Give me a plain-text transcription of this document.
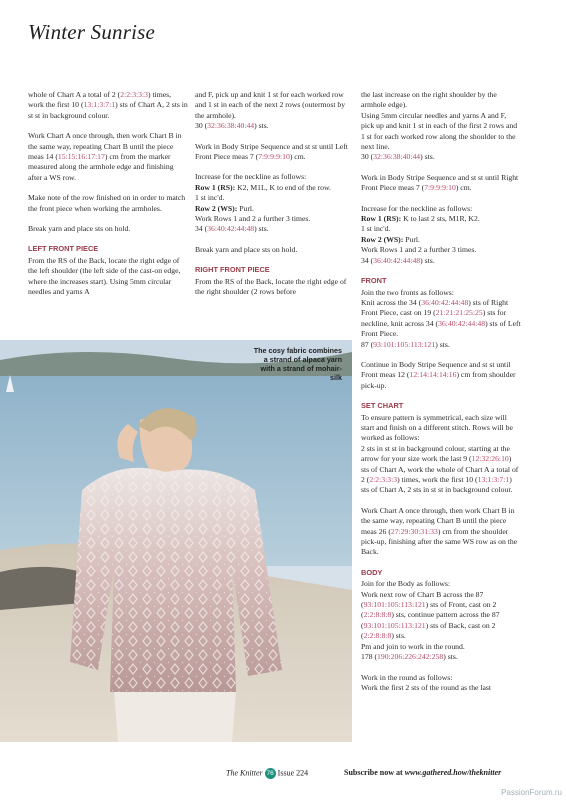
Winter Sunrise

whole of Chart A a total of 2 (2:2:3:3:3) times, work the first 10 (13:1:3:7:1) sts of Chart A, 2 sts in st st in background colour.

Work Chart A once through, then work Chart B in the same way, repeating Chart B until the piece meas 14 (15:15:16:17:17) cm from the marker measured along the armhole edge and finishing after a WS row.

Make note of the row finished on in order to match the front piece when working the armholes.

Break yarn and place sts on hold.

LEFT FRONT PIECE

From the RS of the Back, locate the right edge of the left shoulder (the left side of the cast-on edge, where the increases start). Using 5mm circular needles and yarns A

and F, pick up and knit 1 st for each worked row and 1 st in each of the next 2 rows (outermost by the armhole).
30 (32:36:38:40:44) sts.

Work in Body Stripe Sequence and st st until Left Front Piece meas 7 (7:9:9:9:10) cm.

Increase for the neckline as follows:
Row 1 (RS): K2, M1L, K to end of the row.
1 st inc'd.
Row 2 (WS): Purl.
Work Rows 1 and 2 a further 3 times.
34 (36:40:42:44:48) sts.

Break yarn and place sts on hold.

RIGHT FRONT PIECE

From the RS of the Back, locate the right edge of the right shoulder (2 rows before

the last increase on the right shoulder by the armhole edge).
Using 5mm circular needles and yarns A and F, pick up and knit 1 st in each of the first 2 rows and 1 st for each worked row along the shoulder to the next line.
30 (32:36:38:40:44) sts.

Work in Body Stripe Sequence and st st until Right Front Piece meas 7 (7:9:9:9:10) cm.

Increase for the neckline as follows:
Row 1 (RS): K to last 2 sts, M1R, K2.
1 st inc'd.
Row 2 (WS): Purl.
Work Rows 1 and 2 a further 3 times.
34 (36:40:42:44:48) sts.

FRONT

Join the two fronts as follows:
Knit across the 34 (36:40:42:44:48) sts of Right Front Piece, cast on 19 (21:21:21:25:25) sts for neckline, knit across 34 (36:40:42:44:48) sts of Left Front Piece.
87 (93:101:105:113:121) sts.

Continue in Body Stripe Sequence and st st until Front meas 12 (12:14:14:14:16) cm from shoulder pick-up.

SET CHART

To ensure pattern is symmetrical, each size will start and finish on a different stitch. Rows will be worked as follows:
2 sts in st st in background colour, starting at the arrow for your size work the last 9 (12:32:26:10) sts of Chart A, work the whole of Chart A a total of 2 (2:2:3:3:3) times, work the first 10 (13:1:3:7:1) sts of Chart A, 2 sts in st st in background colour.

Work Chart A once through, then work Chart B in the same way, repeating Chart B until the piece meas 26 (27:29:30:31:33) cm from the shoulder pick-up, finishing after the same WS row as on the Back.

BODY

Join for the Body as follows:
Work next row of Chart B across the 87 (93:101:105:113:121) sts of Front, cast on 2 (2:2:8:8:8) sts, continue pattern across the 87 (93:101:105:113:121) sts of Back, cast on 2 (2:2:8:8:8) sts.
Pm and join to work in the round.
178 (190:206:226:242:258) sts.

Work in the round as follows:
Work the first 2 sts of the round as the last

The cosy fabric combines a strand of alpaca yarn with a strand of mohair-silk
The Knitter 76 Issue 224	Subscribe now at www.gathered.how/theknitter
PassionForum.ru
